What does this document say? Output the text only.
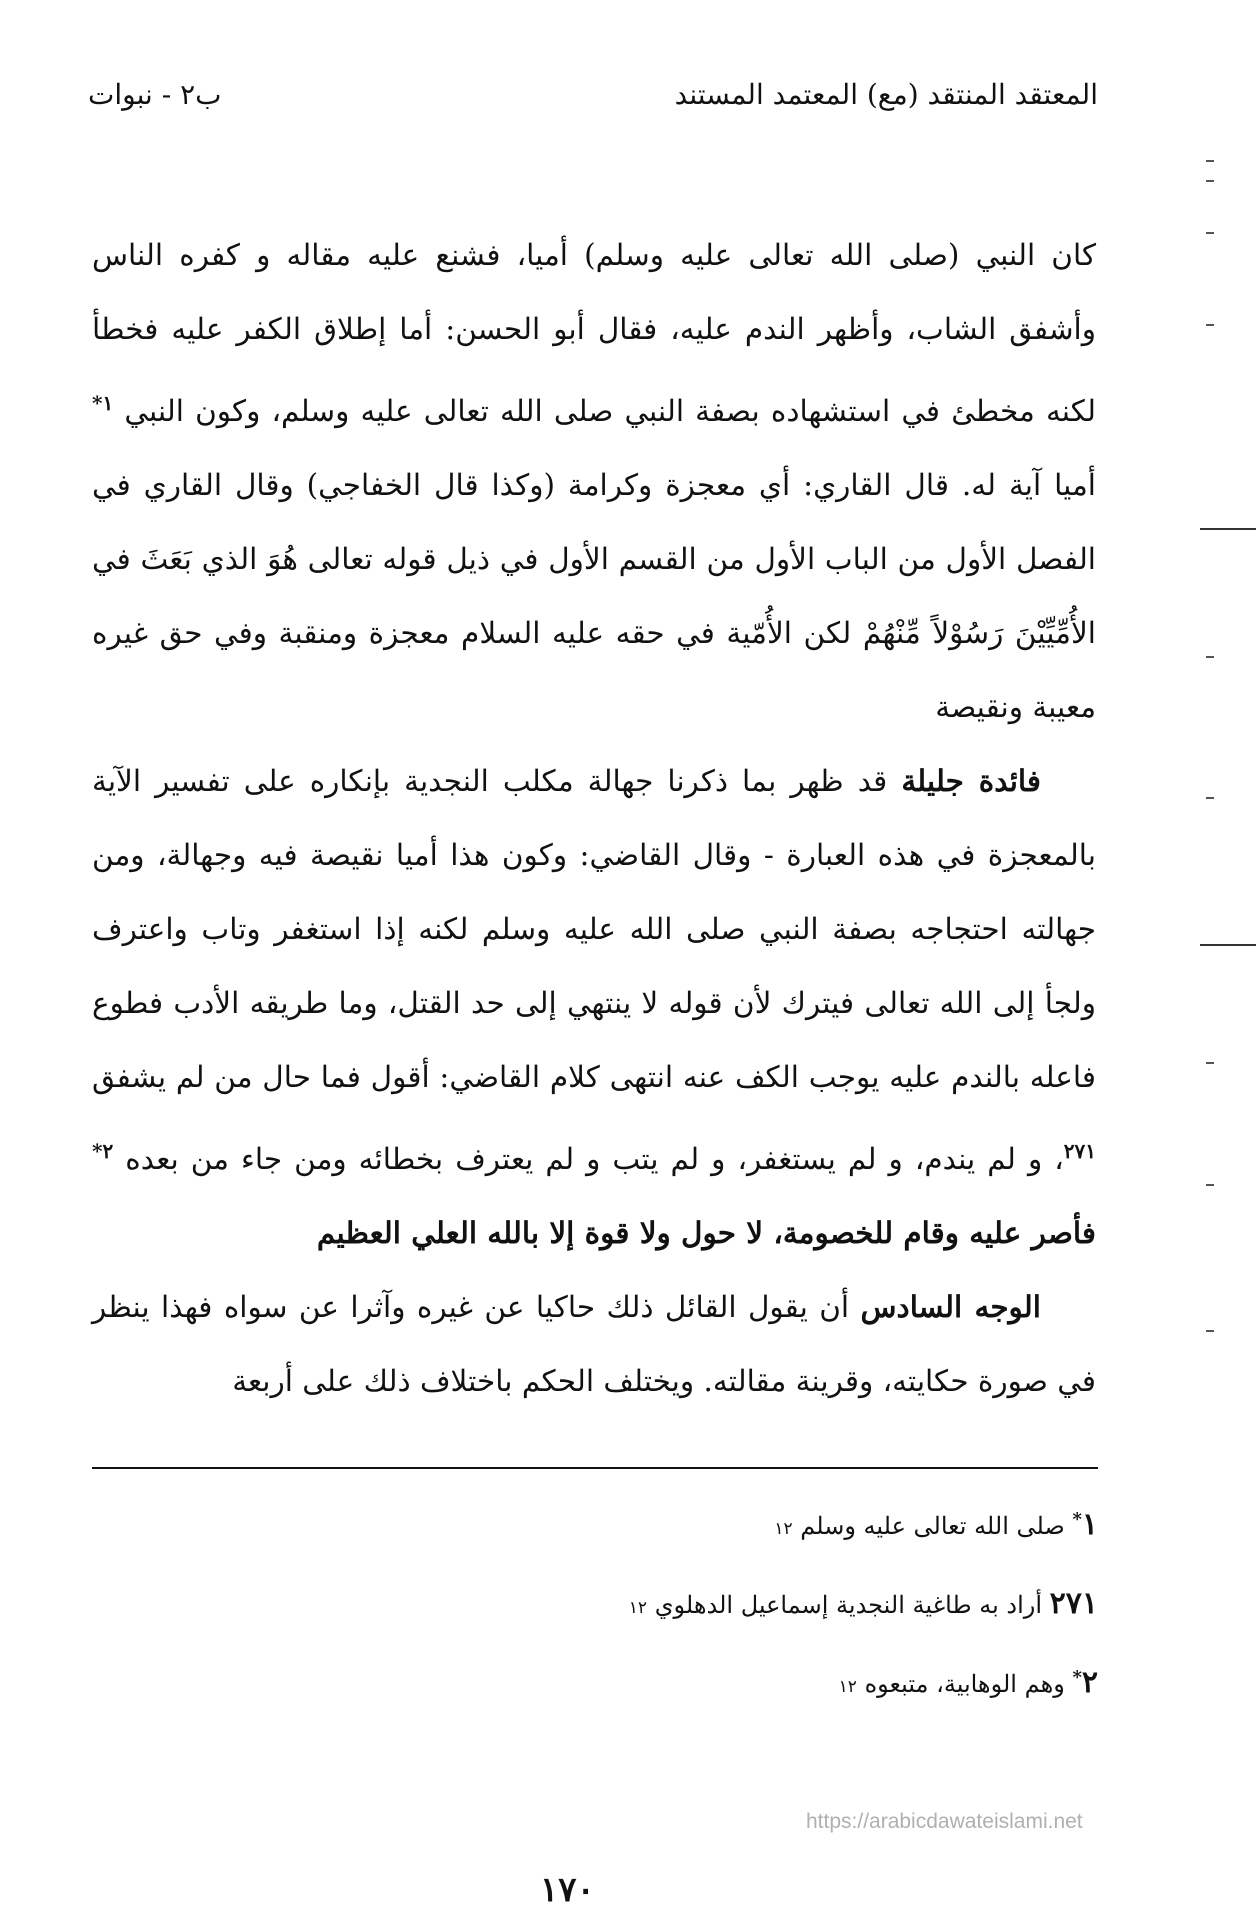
المعتقد المنتقد (مع) المعتمد المستند
ب٢ - نبوات

كان النبي (صلى الله تعالى عليه وسلم) أميا، فشنع عليه مقاله و كفره الناس وأشفق الشاب، وأظهر الندم عليه، فقال أبو الحسن: أما إطلاق الكفر عليه فخطأ لكنه مخطئ في استشهاده بصفة النبي صلى الله تعالى عليه وسلم، وكون النبي $^{١*}$ أميا آية له. قال القاري: أي معجزة وكرامة (وكذا قال الخفاجي) وقال القاري في الفصل الأول من الباب الأول من القسم الأول في ذيل قوله تعالى هُوَ الذي بَعَثَ في الأُمِّيِّيْنَ رَسُوْلاً مِّنْهُمْ لكن الأُمّية في حقه عليه السلام معجزة ومنقبة وفي حق غيره معيبة ونقيصة

فائدة جليلة قد ظهر بما ذكرنا جهالة مكلب النجدية بإنكاره على تفسير الآية بالمعجزة في هذه العبارة - وقال القاضي: وكون هذا أميا نقيصة فيه وجهالة، ومن جهالته احتجاجه بصفة النبي صلى الله عليه وسلم لكنه إذا استغفر وتاب واعترف ولجأ إلى الله تعالى فيترك لأن قوله لا ينتهي إلى حد القتل، وما طريقه الأدب فطوع فاعله بالندم عليه يوجب الكف عنه انتهى كلام القاضي: أقول فما حال من لم يشفق $^{٢٧١}$، و لم يندم، و لم يستغفر، و لم يتب و لم يعترف بخطائه ومن جاء من بعده $^{٢*}$ فأصر عليه وقام للخصومة، لا حول ولا قوة إلا بالله العلي العظيم

الوجه السادس أن يقول القائل ذلك حاكيا عن غيره وآثرا عن سواه فهذا ينظر في صورة حكايته، وقرينة مقالته. ويختلف الحكم باختلاف ذلك على أربعة

١* صلى الله تعالى عليه وسلم ١٢

٢٧١ أراد به طاغية النجدية إسماعيل الدهلوي ١٢

٢* وهم الوهابية، متبعوه ١٢

https://arabicdawateislami.net
١٧٠
